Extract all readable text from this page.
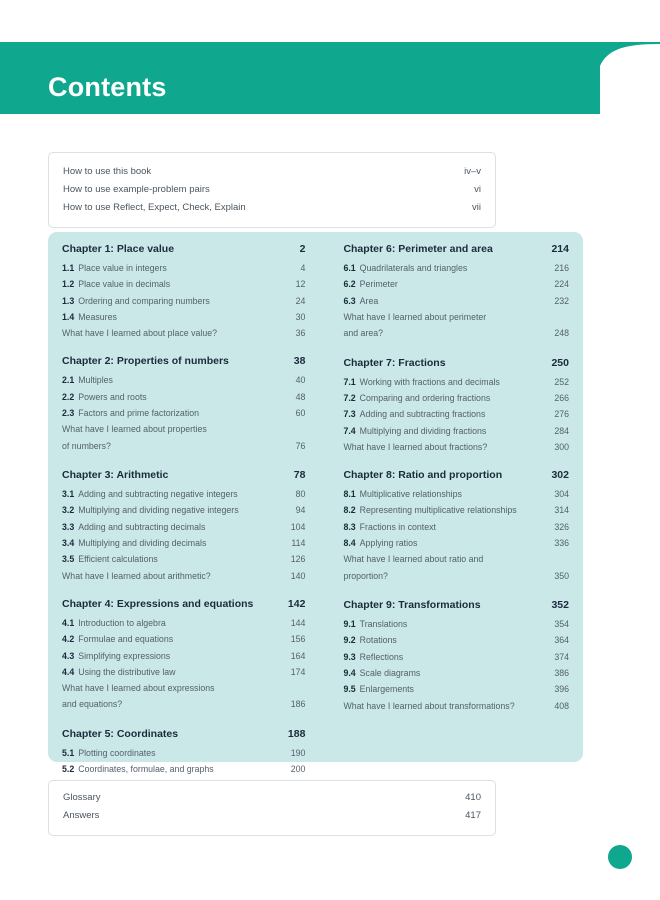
Contents
How to use this book	iv–v
How to use example-problem pairs	vi
How to use Reflect, Expect, Check, Explain	vii
Chapter 1: Place value	2
1.1 Place value in integers	4
1.2 Place value in decimals	12
1.3 Ordering and comparing numbers	24
1.4 Measures	30
What have I learned about place value?	36
Chapter 2: Properties of numbers	38
2.1 Multiples	40
2.2 Powers and roots	48
2.3 Factors and prime factorization	60
What have I learned about properties
of numbers?	76
Chapter 3: Arithmetic	78
3.1 Adding and subtracting negative integers	80
3.2 Multiplying and dividing negative integers	94
3.3 Adding and subtracting decimals	104
3.4 Multiplying and dividing decimals	114
3.5 Efficient calculations	126
What have I learned about arithmetic?	140
Chapter 4: Expressions and equations	142
4.1 Introduction to algebra	144
4.2 Formulae and equations	156
4.3 Simplifying expressions	164
4.4 Using the distributive law	174
What have I learned about expressions
and equations?	186
Chapter 5: Coordinates	188
5.1 Plotting coordinates	190
5.2 Coordinates, formulae, and graphs	200
Chapter 6: Perimeter and area	214
6.1 Quadrilaterals and triangles	216
6.2 Perimeter	224
6.3 Area	232
What have I learned about perimeter
and area?	248
Chapter 7: Fractions	250
7.1 Working with fractions and decimals	252
7.2 Comparing and ordering fractions	266
7.3 Adding and subtracting fractions	276
7.4 Multiplying and dividing fractions	284
What have I learned about fractions?	300
Chapter 8: Ratio and proportion	302
8.1 Multiplicative relationships	304
8.2 Representing multiplicative relationships	314
8.3 Fractions in context	326
8.4 Applying ratios	336
What have I learned about ratio and
proportion?	350
Chapter 9: Transformations	352
9.1 Translations	354
9.2 Rotations	364
9.3 Reflections	374
9.4 Scale diagrams	386
9.5 Enlargements	396
What have I learned about transformations?	408
Glossary	410
Answers	417
